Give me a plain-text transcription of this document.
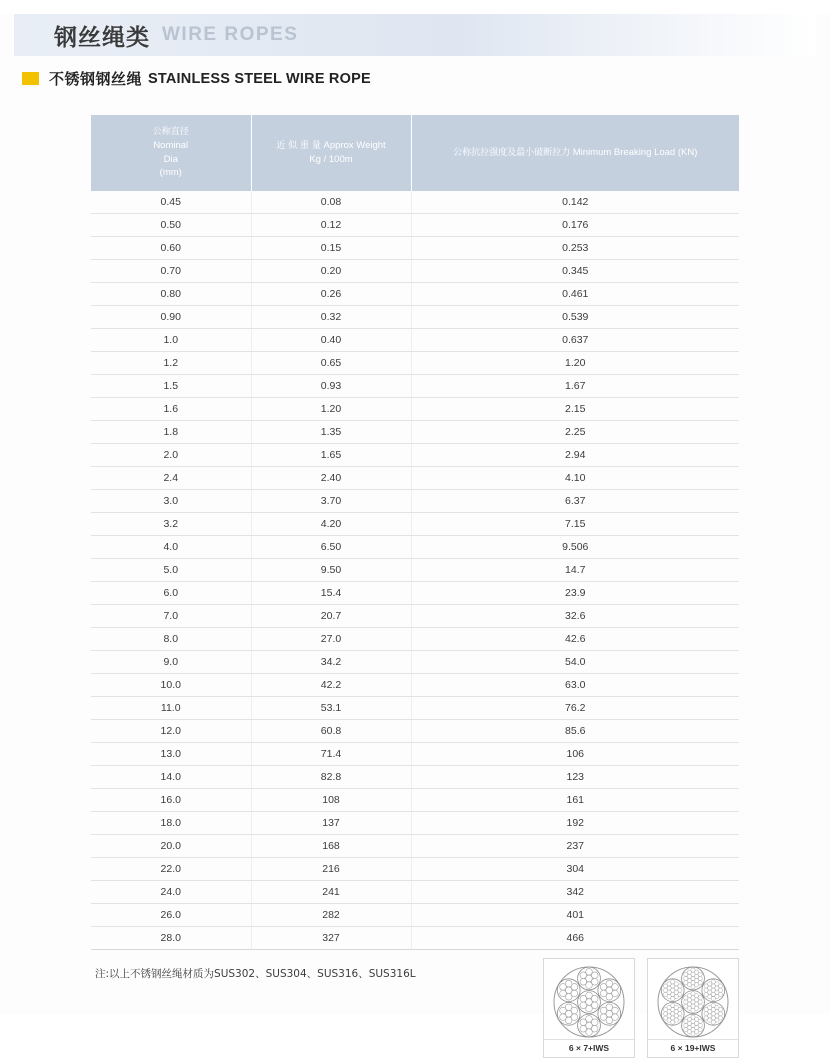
钢丝绳类 WIRE ROPES
不锈钢钢丝绳 STAINLESS STEEL WIRE ROPE
公称直径
Nominal
Dia
(mm)

近 似 重 量 Approx Weight
Kg / 100m

公称抗拉强度及最小破断拉力 Minimum Breaking Load (KN)

0.45	0.08	0.142
0.50	0.12	0.176
0.60	0.15	0.253
0.70	0.20	0.345
0.80	0.26	0.461
0.90	0.32	0.539
1.0	0.40	0.637
1.2	0.65	1.20
1.5	0.93	1.67
1.6	1.20	2.15
1.8	1.35	2.25
2.0	1.65	2.94
2.4	2.40	4.10
3.0	3.70	6.37
3.2	4.20	7.15
4.0	6.50	9.506
5.0	9.50	14.7
6.0	15.4	23.9
7.0	20.7	32.6
8.0	27.0	42.6
9.0	34.2	54.0
10.0	42.2	63.0
11.0	53.1	76.2
12.0	60.8	85.6
13.0	71.4	106
14.0	82.8	123
16.0	108	161
18.0	137	192
20.0	168	237
22.0	216	304
24.0	241	342
26.0	282	401
28.0	327	466
注:以上不锈钢丝绳材质为SUS302、SUS304、SUS316、SUS316L
6 × 7+IWS	6 × 19+IWS
